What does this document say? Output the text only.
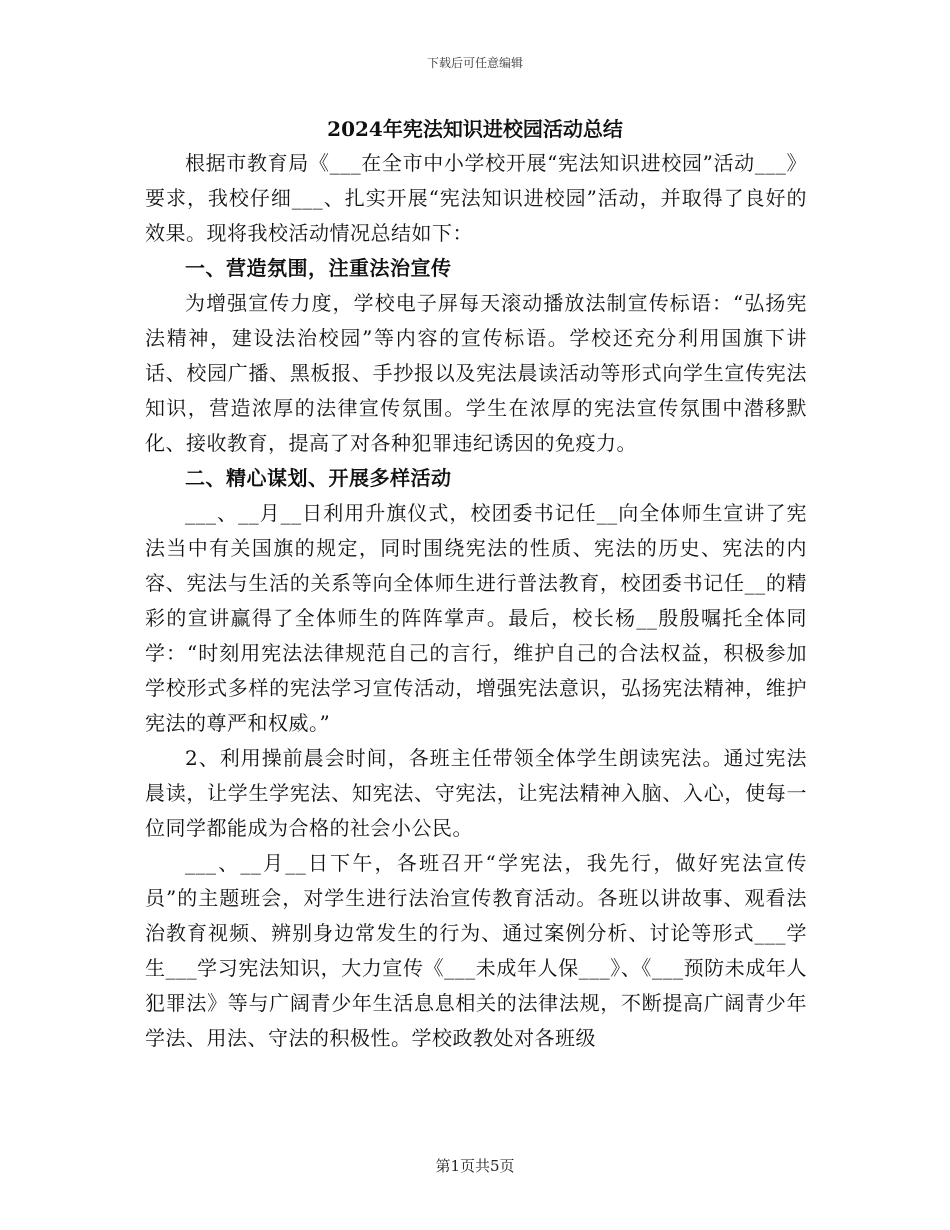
下载后可任意编辑
2024年宪法知识进校园活动总结

根据市教育局《___在全市中小学校开展“宪法知识进校园”活动___》要求，我校仔细___、扎实开展“宪法知识进校园”活动，并取得了良好的效果。现将我校活动情况总结如下：

一、营造氛围，注重法治宣传

为增强宣传力度，学校电子屏每天滚动播放法制宣传标语：“弘扬宪法精神，建设法治校园”等内容的宣传标语。学校还充分利用国旗下讲话、校园广播、黑板报、手抄报以及宪法晨读活动等形式向学生宣传宪法知识，营造浓厚的法律宣传氛围。学生在浓厚的宪法宣传氛围中潜移默化、接收教育，提高了对各种犯罪违纪诱因的免疫力。

二、精心谋划、开展多样活动

___、__月__日利用升旗仪式，校团委书记任__向全体师生宣讲了宪法当中有关国旗的规定，同时围绕宪法的性质、宪法的历史、宪法的内容、宪法与生活的关系等向全体师生进行普法教育，校团委书记任__的精彩的宣讲赢得了全体师生的阵阵掌声。最后，校长杨__殷殷嘱托全体同学：“时刻用宪法法律规范自己的言行，维护自己的合法权益，积极参加学校形式多样的宪法学习宣传活动，增强宪法意识，弘扬宪法精神，维护宪法的尊严和权威。”

2、利用操前晨会时间，各班主任带领全体学生朗读宪法。通过宪法晨读，让学生学宪法、知宪法、守宪法，让宪法精神入脑、入心，使每一位同学都能成为合格的社会小公民。

___、__月__日下午，各班召开“学宪法，我先行，做好宪法宣传员”的主题班会，对学生进行法治宣传教育活动。各班以讲故事、观看法治教育视频、辨别身边常发生的行为、通过案例分析、讨论等形式___学生___学习宪法知识，大力宣传《___未成年人保___》、《___预防未成年人犯罪法》等与广阔青少年生活息息相关的法律法规，不断提高广阔青少年学法、用法、守法的积极性。学校政教处对各班级

第1页共5页
